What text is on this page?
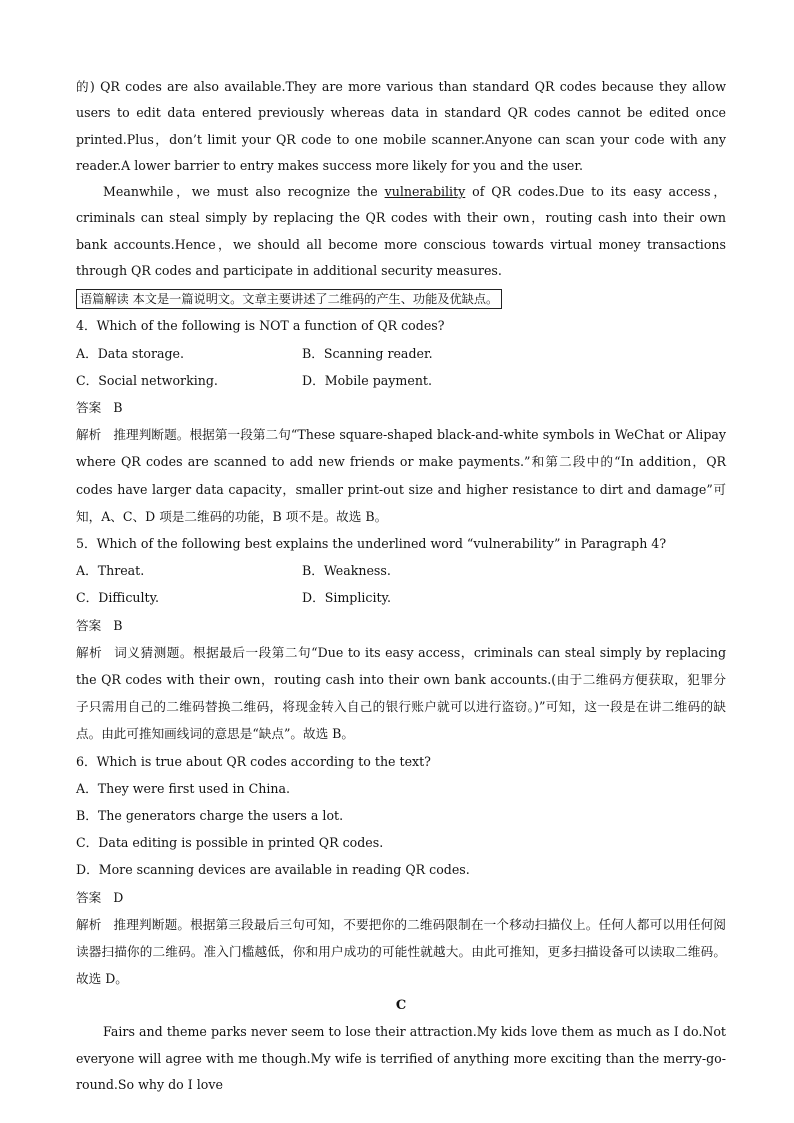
的) QR codes are also available.They are more various than standard QR codes because they allow users to edit data entered previously whereas data in standard QR codes cannot be edited once printed.Plus，don’t limit your QR code to one mobile scanner.Anyone can scan your code with any reader.A lower barrier to entry makes success more likely for you and the user.

Meanwhile，we must also recognize the vulnerability of QR codes.Due to its easy access，criminals can steal simply by replacing the QR codes with their own，routing cash into their own bank accounts.Hence，we should all become more conscious towards virtual money transactions through QR codes and participate in additional security measures.

语篇解读 本文是一篇说明文。文章主要讲述了二维码的产生、功能及优缺点。

4．Which of the following is NOT a function of QR codes?

A．Data storage.	B．Scanning reader.
C．Social networking.	D．Mobile payment.

答案 B

解析 推理判断题。根据第一段第二句“These square-shaped black-and-white symbols in WeChat or Alipay where QR codes are scanned to add new friends or make payments.”和第二段中的“In addition，QR codes have larger data capacity，smaller print-out size and higher resistance to dirt and damage”可知，A、C、D 项是二维码的功能，B 项不是。故选 B。

5．Which of the following best explains the underlined word “vulnerability” in Paragraph 4?

A．Threat.	B．Weakness.
C．Difficulty.	D．Simplicity.

答案 B

解析 词义猜测题。根据最后一段第二句“Due to its easy access，criminals can steal simply by replacing the QR codes with their own，routing cash into their own bank accounts.(由于二维码方便获取，犯罪分子只需用自己的二维码替换二维码，将现金转入自己的银行账户就可以进行盗窃。)”可知，这一段是在讲二维码的缺点。由此可推知画线词的意思是“缺点”。故选 B。

6．Which is true about QR codes according to the text?

A．They were first used in China.

B．The generators charge the users a lot.

C．Data editing is possible in printed QR codes.

D．More scanning devices are available in reading QR codes.

答案 D

解析 推理判断题。根据第三段最后三句可知，不要把你的二维码限制在一个移动扫描仪上。任何人都可以用任何阅读器扫描你的二维码。准入门槛越低，你和用户成功的可能性就越大。由此可推知，更多扫描设备可以读取二维码。故选 D。

C

Fairs and theme parks never seem to lose their attraction.My kids love them as much as I do.Not everyone will agree with me though.My wife is terrified of anything more exciting than the merry-go-round.So why do I love
